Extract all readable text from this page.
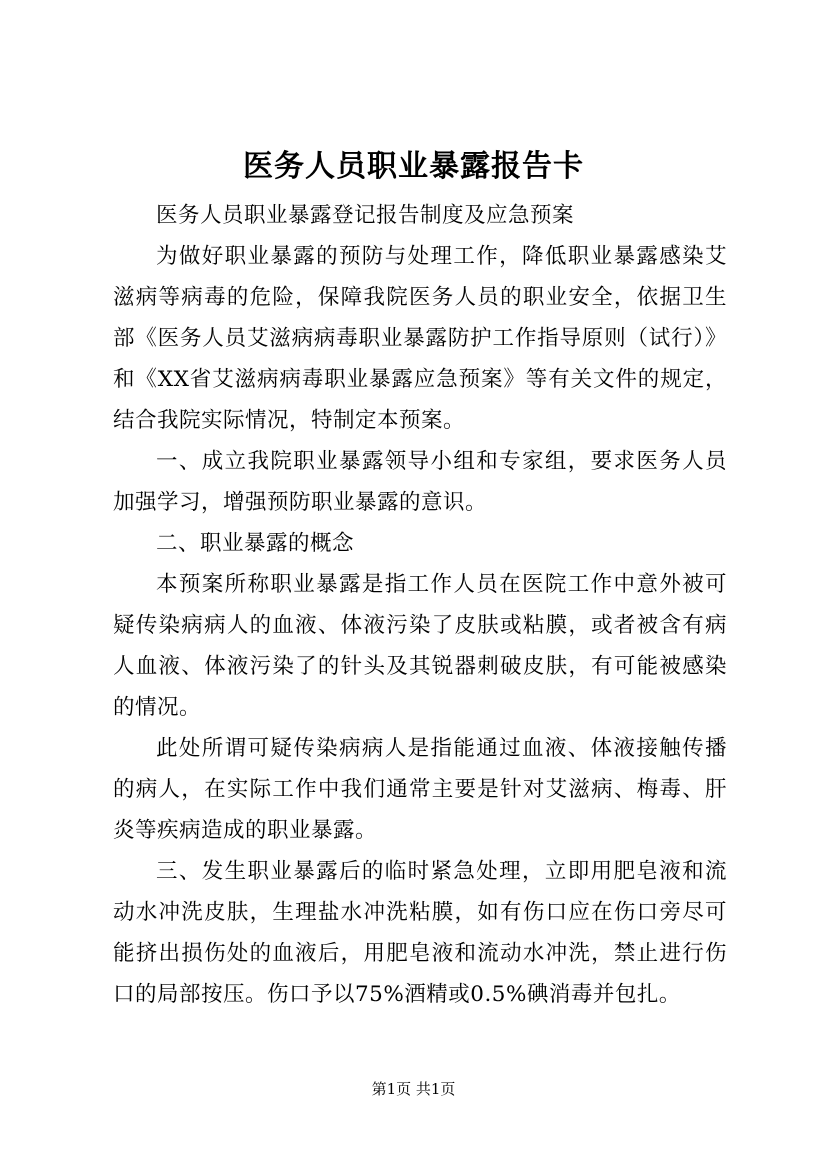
医务人员职业暴露报告卡

医务人员职业暴露登记报告制度及应急预案

为做好职业暴露的预防与处理工作，降低职业暴露感染艾滋病等病毒的危险，保障我院医务人员的职业安全，依据卫生部《医务人员艾滋病病毒职业暴露防护工作指导原则（试行）》和《XX省艾滋病病毒职业暴露应急预案》等有关文件的规定，结合我院实际情况，特制定本预案。

一、成立我院职业暴露领导小组和专家组，要求医务人员加强学习，增强预防职业暴露的意识。

二、职业暴露的概念

本预案所称职业暴露是指工作人员在医院工作中意外被可疑传染病病人的血液、体液污染了皮肤或粘膜，或者被含有病人血液、体液污染了的针头及其锐器刺破皮肤，有可能被感染的情况。

此处所谓可疑传染病病人是指能通过血液、体液接触传播的病人，在实际工作中我们通常主要是针对艾滋病、梅毒、肝炎等疾病造成的职业暴露。

三、发生职业暴露后的临时紧急处理，立即用肥皂液和流动水冲洗皮肤，生理盐水冲洗粘膜，如有伤口应在伤口旁尽可能挤出损伤处的血液后，用肥皂液和流动水冲洗，禁止进行伤口的局部按压。伤口予以75%酒精或0.5%碘消毒并包扎。

第1页 共1页
